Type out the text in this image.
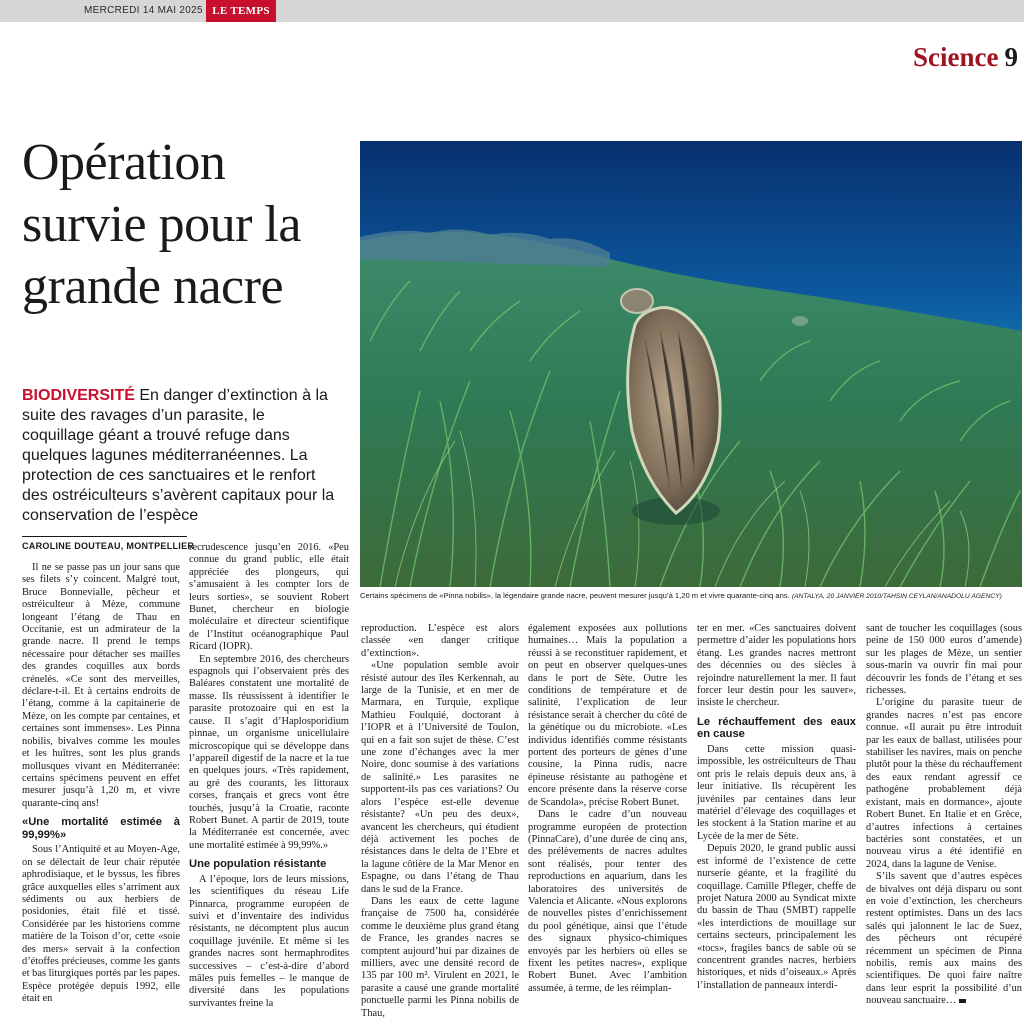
MERCREDI 14 MAI 2025 LE TEMPS
Science 9
Opération survie pour la grande nacre
BIODIVERSITÉ En danger d’extinction à la suite des ravages d’un parasite, le coquillage géant a trouvé refuge dans quelques lagunes méditerranéennes. La protection de ces sanctuaires et le renfort des ostréiculteurs s’avèrent capitaux pour la conservation de l’espèce
CAROLINE DOUTEAU, MONTPELLIER
Certains spécimens de «Pinna nobilis», la légendaire grande nacre, peuvent mesurer jusqu’à 1,20 m et vivre quarante-cinq ans. (ANTALYA, 20 JANVIER 2010/TAHSIN CEYLAN/ANADOLU AGENCY)

Il ne se passe pas un jour sans que ses filets s’y coincent. Malgré tout, Bruce Bonnevialle, pêcheur et ostréiculteur à Mèze, commune longeant l’étang de Thau en Occitanie, est un admirateur de la grande nacre. Il prend le temps nécessaire pour détacher ses mailles des grandes coquilles aux bords crénelés. «Ce sont des merveilles, déclare-t-il. Et à certains endroits de l’étang, comme à la capitainerie de Mèze, on les compte par centaines, et certaines sont immenses». Les Pinna nobilis, bivalves comme les moules et les huîtres, sont les plus grands mollusques vivant en Méditerranée: certains spécimens peuvent en effet mesurer jusqu’à 1,20 m, et vivre quarante-cinq ans!

«Une mortalité estimée à 99,99%»

Sous l’Antiquité et au Moyen-Age, on se délectait de leur chair réputée aphrodisiaque, et le byssus, les fibres grâce auxquelles elles s’arriment aux sédiments ou aux herbiers de posidonies, était filé et tissé. Considérée par les historiens comme matière de la Toison d’or, cette «soie des mers» servait à la confection d’étoffes précieuses, comme les gants et bas liturgiques portés par les papes. Espèce protégée depuis 1992, elle était en

recrudescence jusqu’en 2016. «Peu connue du grand public, elle était appréciée des plongeurs, qui s’amusaient à les compter lors de leurs sorties», se souvient Robert Bunet, chercheur en biologie moléculaire et directeur scientifique de l’Institut océanographique Paul Ricard (IOPR).

En septembre 2016, des chercheurs espagnols qui l’observaient près des Baléares constatent une mortalité de masse. Ils réussissent à identifier le parasite protozoaire qui en est la cause. Il s’agit d’Haplosporidium pinnae, un organisme unicellulaire microscopique qui se développe dans l’appareil digestif de la nacre et la tue en quelques jours. «Très rapidement, au gré des courants, les littoraux corses, français et grecs vont être touchés, jusqu’à la Croatie, raconte Robert Bunet. A partir de 2019, toute la Méditerranée est concernée, avec une mortalité estimée à 99,99%.»

Une population résistante

A l’époque, lors de leurs missions, les scientifiques du réseau Life Pinnarca, programme européen de suivi et d’inventaire des individus résistants, ne décomptent plus aucun coquillage juvénile. Et même si les grandes nacres sont hermaphrodites successives – c’est-à-dire d’abord mâles puis femelles – le manque de diversité dans les populations survivantes freine la

reproduction. L’espèce est alors classée «en danger critique d’extinction».

«Une population semble avoir résisté autour des îles Kerkennah, au large de la Tunisie, et en mer de Marmara, en Turquie, explique Mathieu Foulquié, doctorant à l’IOPR et à l’Université de Toulon, qui en a fait son sujet de thèse. C’est une zone d’échanges avec la mer Noire, donc soumise à des variations de salinité.» Les parasites ne supportent-ils pas ces variations? Ou alors l’espèce est-elle devenue résistante? «Un peu des deux», avancent les chercheurs, qui étudient déjà activement les poches de résistances dans le delta de l’Ebre et la lagune côtière de la Mar Menor en Espagne, ou dans l’étang de Thau dans le sud de la France.

Dans les eaux de cette lagune française de 7500 ha, considérée comme le deuxième plus grand étang de France, les grandes nacres se comptent aujourd’hui par dizaines de milliers, avec une densité record de 135 par 100 m². Virulent en 2021, le parasite a causé une grande mortalité ponctuelle parmi les Pinna nobilis de Thau,

également exposées aux pollutions humaines… Mais la population a réussi à se reconstituer rapidement, et on peut en observer quelques-unes dans le port de Sète. Outre les conditions de température et de salinité, l’explication de leur résistance serait à chercher du côté de la génétique ou du microbiote. «Les individus identifiés comme résistants portent des porteurs de gènes d’une cousine, la Pinna rudis, nacre épineuse résistante au pathogène et encore présente dans la réserve corse de Scandola», précise Robert Bunet.

Dans le cadre d’un nouveau programme européen de protection (PinnaCare), d’une durée de cinq ans, des prélèvements de nacres adultes sont réalisés, pour tenter des reproductions en aquarium, dans les laboratoires des universités de Valencia et Alicante. «Nous explorons de nouvelles pistes d’enrichissement du pool génétique, ainsi que l’étude des signaux physico-chimiques envoyés par les herbiers où elles se fixent les petites nacres», explique Robert Bunet. Avec l’ambition assumée, à terme, de les réimplan-

ter en mer. «Ces sanctuaires doivent permettre d’aider les populations hors étang. Les grandes nacres mettront des décennies ou des siècles à rejoindre naturellement la mer. Il faut forcer leur destin pour les sauver», insiste le chercheur.

Le réchauffement des eaux en cause

Dans cette mission quasi-impossible, les ostréiculteurs de Thau ont pris le relais depuis deux ans, à leur initiative. Ils récupèrent les juvéniles par centaines dans leur matériel d’élevage des coquillages et les stockent à la Station marine et au Lycée de la mer de Sète.

Depuis 2020, le grand public aussi est informé de l’existence de cette nurserie géante, et la fragilité du coquillage. Camille Pfleger, cheffe de projet Natura 2000 au Syndicat mixte du bassin de Thau (SMBT) rappelle «les interdictions de mouillage sur certains secteurs, principalement les «tocs», fragiles bancs de sable où se concentrent grandes nacres, herbiers historiques, et nids d’oiseaux.» Après l’installation de panneaux interdi-

sant de toucher les coquillages (sous peine de 150 000 euros d’amende) sur les plages de Mèze, un sentier sous-marin va ouvrir fin mai pour découvrir les fonds de l’étang et ses richesses.

L’origine du parasite tueur de grandes nacres n’est pas encore connue. «Il aurait pu être introduit par les eaux de ballast, utilisées pour stabiliser les navires, mais on penche plutôt pour la thèse du réchauffement des eaux rendant agressif ce pathogène probablement déjà existant, mais en dormance», ajoute Robert Bunet. En Italie et en Grèce, d’autres infections à certaines bactéries sont constatées, et un nouveau virus a été identifié en 2024, dans la lagune de Venise.

S’ils savent que d’autres espèces de bivalves ont déjà disparu ou sont en voie d’extinction, les chercheurs restent optimistes. Dans un des lacs salés qui jalonnent le lac de Suez, des pêcheurs ont récupéré récemment un spécimen de Pinna nobilis, remis aux mains des scientifiques. De quoi faire naître dans leur esprit la possibilité d’un nouveau sanctuaire…
